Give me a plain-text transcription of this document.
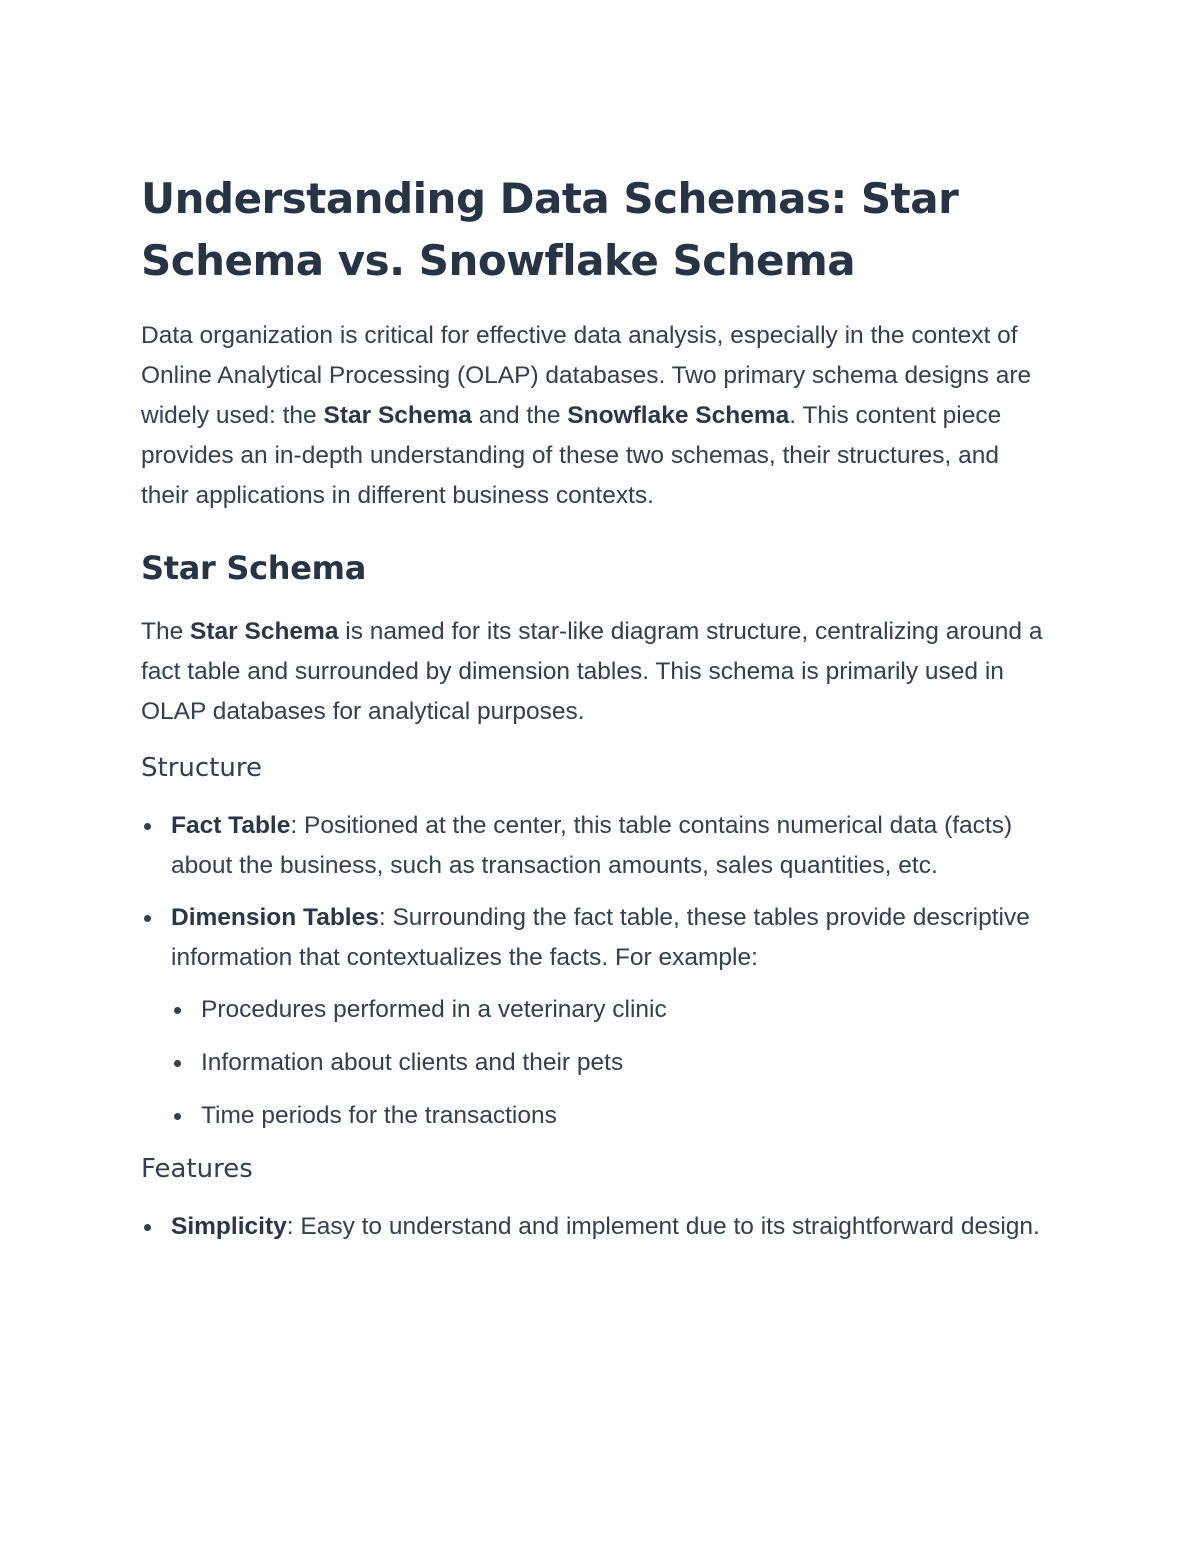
Understanding Data Schemas: Star Schema vs. Snowflake Schema

Data organization is critical for effective data analysis, especially in the context of Online Analytical Processing (OLAP) databases. Two primary schema designs are widely used: the Star Schema and the Snowflake Schema. This content piece provides an in-depth understanding of these two schemas, their structures, and their applications in different business contexts.

Star Schema

The Star Schema is named for its star-like diagram structure, centralizing around a fact table and surrounded by dimension tables. This schema is primarily used in OLAP databases for analytical purposes.

Structure
Fact Table: Positioned at the center, this table contains numerical data (facts) about the business, such as transaction amounts, sales quantities, etc.
Dimension Tables: Surrounding the fact table, these tables provide descriptive information that contextualizes the facts. For example:
Procedures performed in a veterinary clinic
Information about clients and their pets
Time periods for the transactions
Features
Simplicity: Easy to understand and implement due to its straightforward design.
